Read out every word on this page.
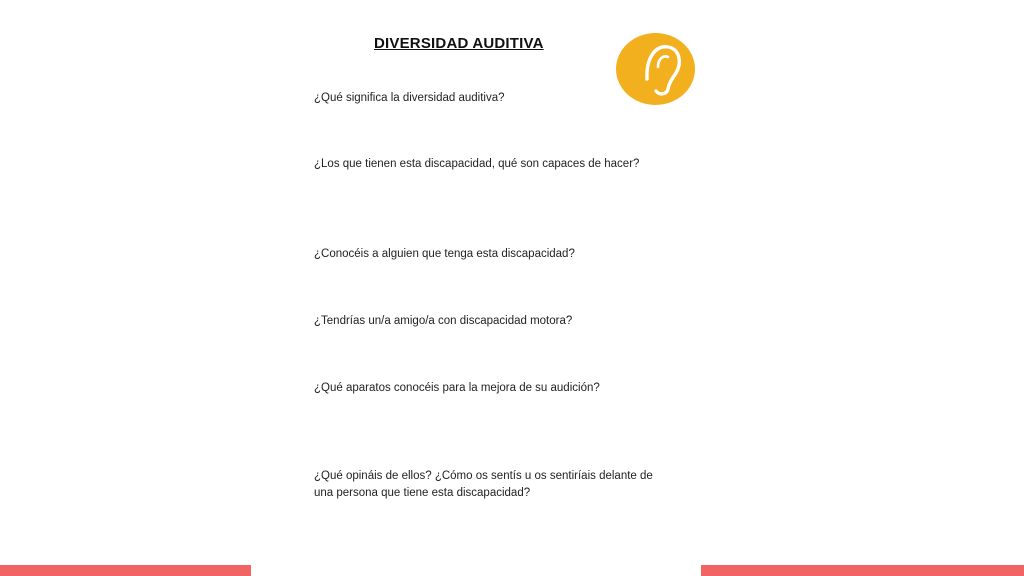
DIVERSIDAD AUDITIVA
¿Qué significa la diversidad auditiva?
¿Los que tienen esta discapacidad, qué son capaces de hacer?
¿Conocéis a alguien que tenga esta discapacidad?
¿Tendrías un/a amigo/a con discapacidad motora?
¿Qué aparatos conocéis para la mejora de su audición?
¿Qué opináis de ellos? ¿Cómo os sentís u os sentiríais delante de
una persona que tiene esta discapacidad?
